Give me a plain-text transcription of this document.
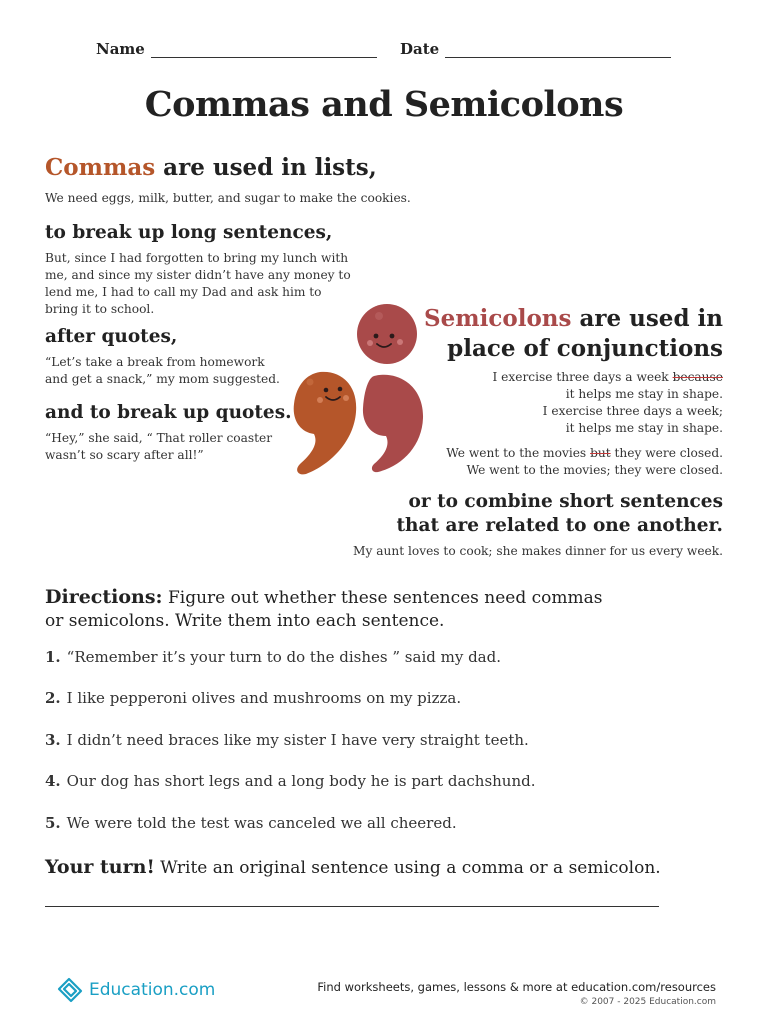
Name	Date
Commas and Semicolons
Commas are used in lists,
We need eggs, milk, butter, and sugar to make the cookies.
to break up long sentences,
But, since I had forgotten to bring my lunch with
me, and since my sister didn’t have any money to
lend me, I had to call my Dad and ask him to
bring it to school.
after quotes,
“Let’s take a break from homework
and get a snack,” my mom suggested.
and to break up quotes.
“Hey,” she said, “ That roller coaster
wasn’t so scary after all!”
Semicolons are used in
place of conjunctions
I exercise three days a week because
it helps me stay in shape.
I exercise three days a week;
it helps me stay in shape.
We went to the movies but they were closed.
We went to the movies; they were closed.
or to combine short sentences
that are related to one another.
My aunt loves to cook; she makes dinner for us every week.
Directions: Figure out whether these sentences need commas or semicolons. Write them into each sentence.
1. “Remember it’s your turn to do the dishes ” said my dad.
2. I like pepperoni olives and mushrooms on my pizza.
3. I didn’t need braces like my sister I have very straight teeth.
4. Our dog has short legs and a long body he is part dachshund.
5. We were told the test was canceled we all cheered.
Your turn! Write an original sentence using a comma or a semicolon.
Education.com	Find worksheets, games, lessons & more at education.com/resources
© 2007 - 2025 Education.com
